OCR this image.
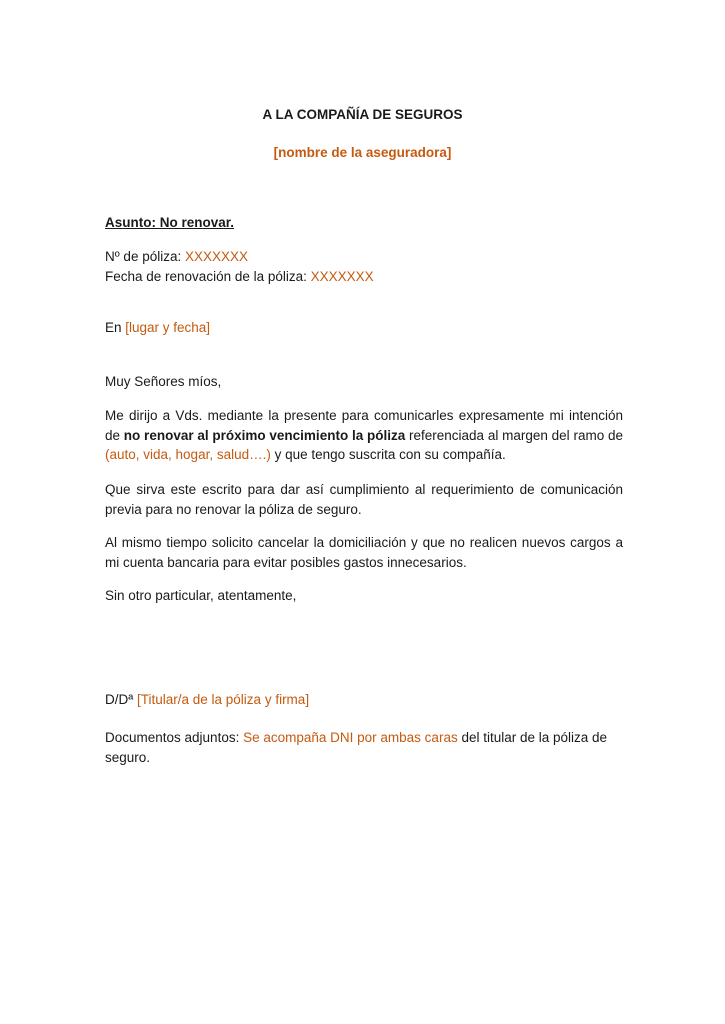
A LA COMPAÑÍA DE SEGUROS
[nombre de la aseguradora]
Asunto: No renovar.

Nº de póliza: XXXXXXX

Fecha de renovación de la póliza: XXXXXXX

En [lugar y fecha]
Muy Señores míos,
Me dirijo a Vds. mediante la presente para comunicarles expresamente mi intención de no renovar al próximo vencimiento la póliza referenciada al margen del ramo de (auto, vida, hogar, salud….) y que tengo suscrita con su compañía.
Que sirva este escrito para dar así cumplimiento al requerimiento de comunicación previa para no renovar la póliza de seguro.
Al mismo tiempo solicito cancelar la domiciliación y que no realicen nuevos cargos a mi cuenta bancaria para evitar posibles gastos innecesarios.
Sin otro particular, atentamente,
D/Dª [Titular/a de la póliza y firma]
Documentos adjuntos: Se acompaña DNI por ambas caras del titular de la póliza de seguro.
